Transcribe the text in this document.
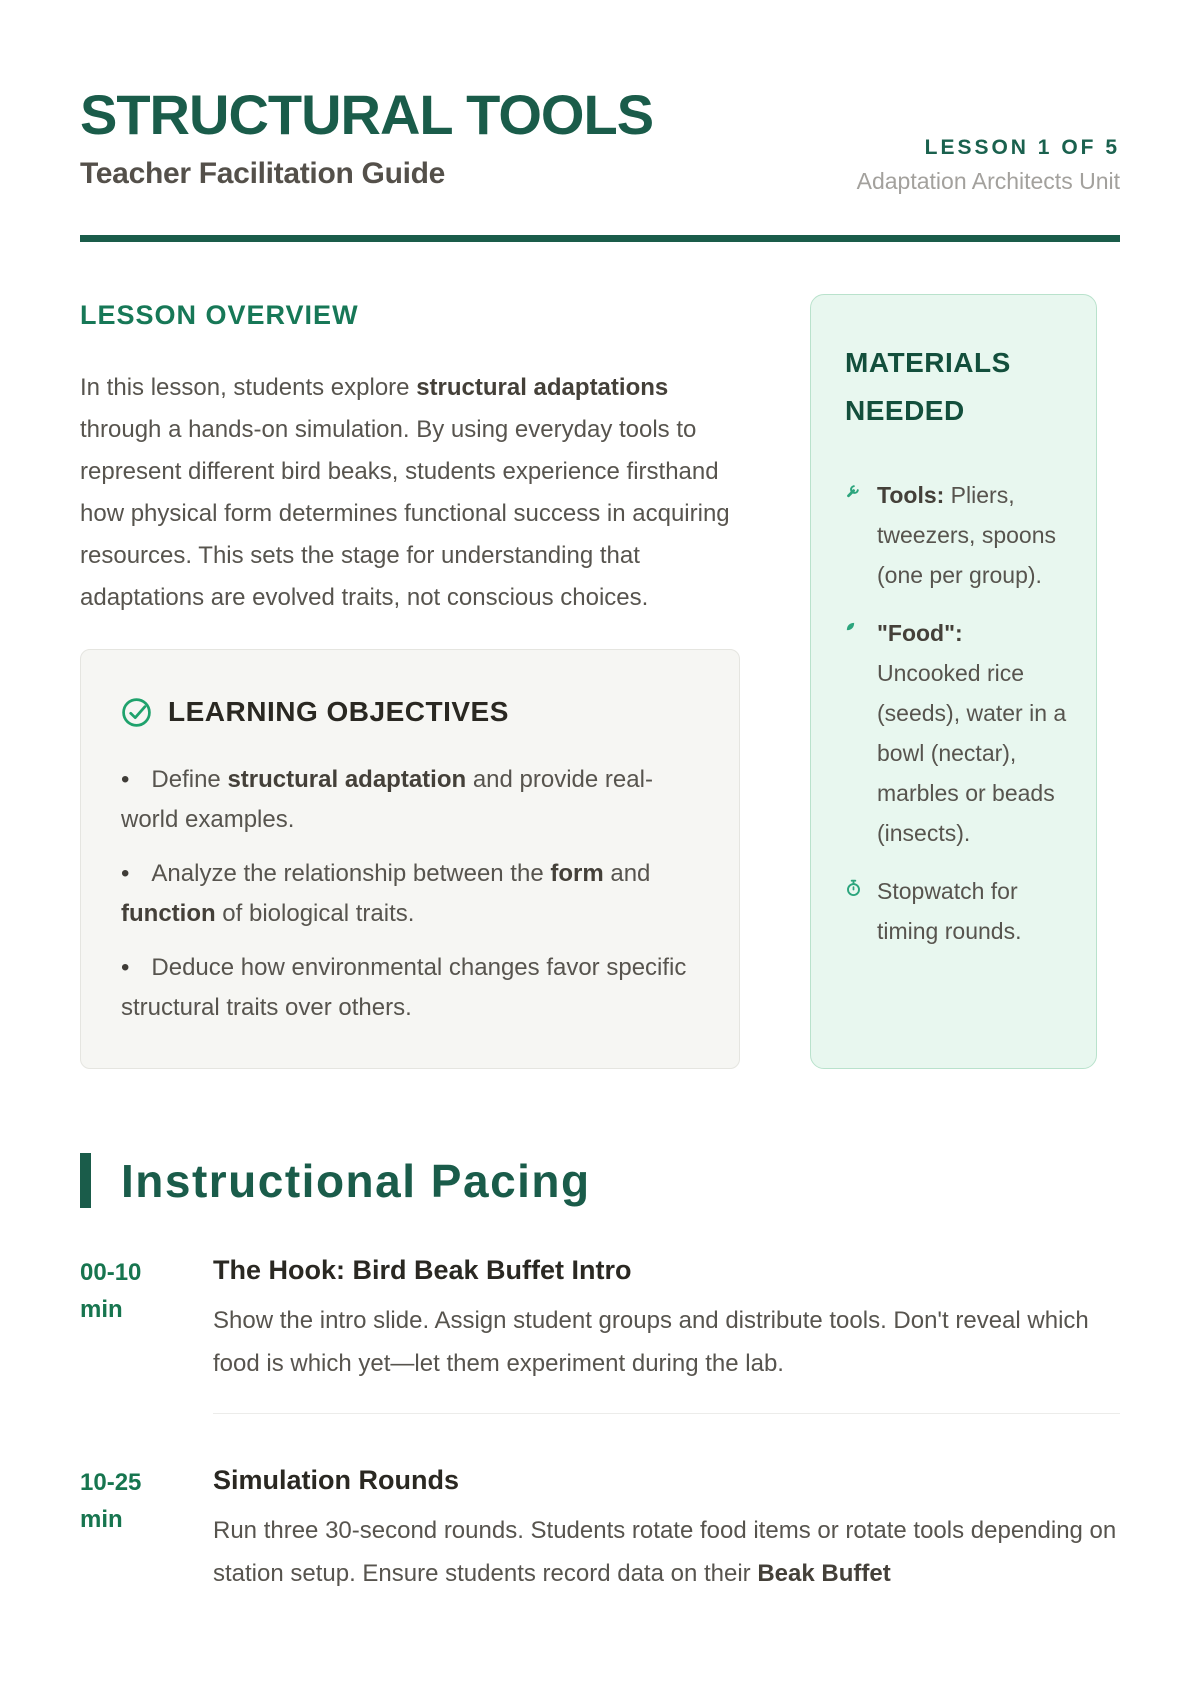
STRUCTURAL TOOLS
Teacher Facilitation Guide
LESSON 1 OF 5
Adaptation Architects Unit
LESSON OVERVIEW

In this lesson, students explore structural adaptations through a hands-on simulation. By using everyday tools to represent different bird beaks, students experience firsthand how physical form determines functional success in acquiring resources. This sets the stage for understanding that adaptations are evolved traits, not conscious choices.

LEARNING OBJECTIVES
• Define structural adaptation and provide real-world examples.
• Analyze the relationship between the form and function of biological traits.
• Deduce how environmental changes favor specific structural traits over others.
MATERIALS NEEDED
Tools: Pliers, tweezers, spoons (one per group).
"Food": Uncooked rice (seeds), water in a bowl (nectar), marbles or beads (insects).
Stopwatch for timing rounds.
Instructional Pacing
00-10
min
The Hook: Bird Beak Buffet Intro
Show the intro slide. Assign student groups and distribute tools. Don't reveal which food is which yet—let them experiment during the lab.
10-25
min
Simulation Rounds
Run three 30-second rounds. Students rotate food items or rotate tools depending on station setup. Ensure students record data on their Beak Buffet
